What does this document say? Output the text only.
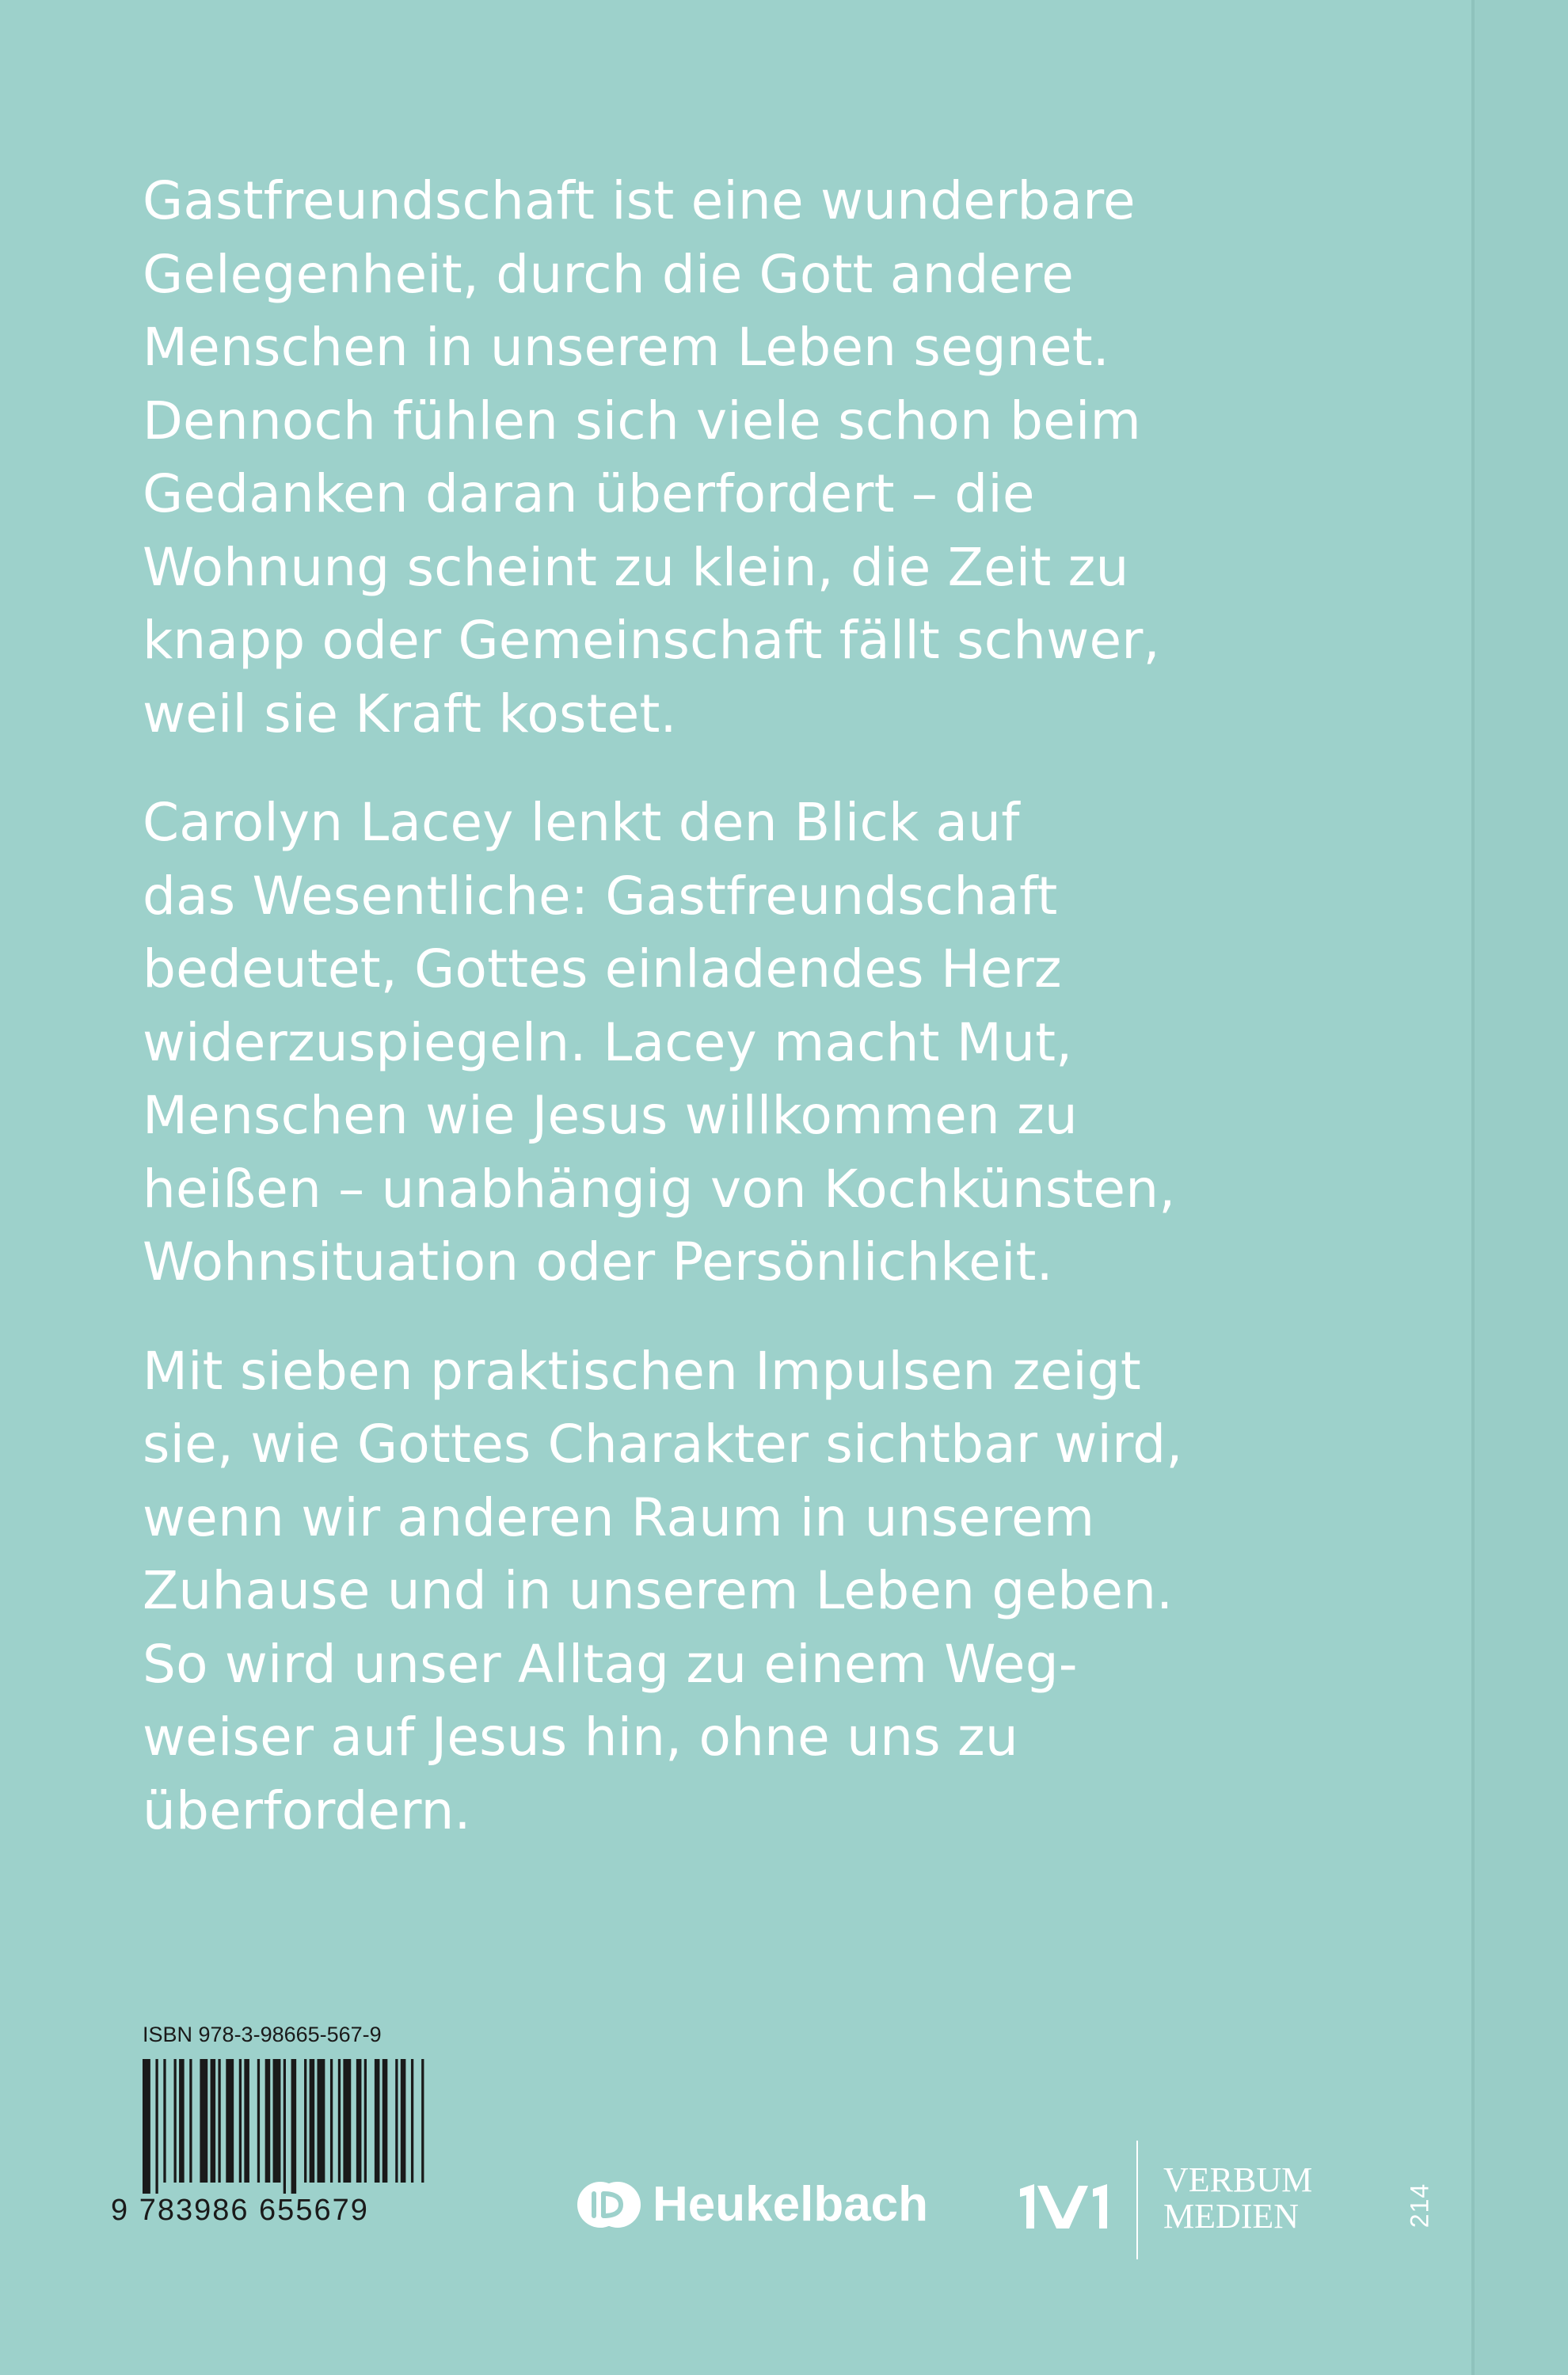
Gastfreundschaft ist eine wunderbare
Gelegenheit, durch die Gott andere
Menschen in unserem Leben segnet.
Dennoch fühlen sich viele schon beim
Gedanken daran überfordert – die
Wohnung scheint zu klein, die Zeit zu
knapp oder Gemeinschaft fällt schwer,
weil sie Kraft kostet.

Carolyn Lacey lenkt den Blick auf
das Wesentliche: Gastfreundschaft
bedeutet, Gottes einladendes Herz
widerzuspiegeln. Lacey macht Mut,
Menschen wie Jesus willkommen zu
heißen – unabhängig von Kochkünsten,
Wohnsituation oder Persönlichkeit.

Mit sieben praktischen Impulsen zeigt
sie, wie Gottes Charakter sichtbar wird,
wenn wir anderen Raum in unserem
Zuhause und in unserem Leben geben.
So wird unser Alltag zu einem Weg-
weiser auf Jesus hin, ohne uns zu
überfordern.

ISBN 978-3-98665-567-9
9 783986 655679	Heukelbach	VERBUM
MEDIEN	214
